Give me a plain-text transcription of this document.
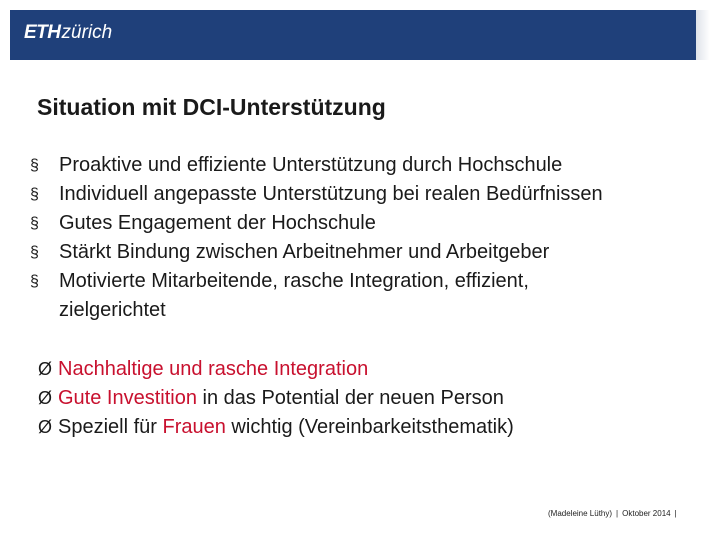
ETHzürich
Situation mit DCI-Unterstützung
§ Proaktive und effiziente Unterstützung durch Hochschule
§ Individuell angepasste Unterstützung bei realen Bedürfnissen
§ Gutes Engagement der Hochschule
§ Stärkt Bindung zwischen Arbeitnehmer und Arbeitgeber
§ Motivierte Mitarbeitende, rasche Integration, effizient,
zielgerichtet
Ø Nachhaltige und rasche Integration
Ø Gute Investition in das Potential der neuen Person
Ø Speziell für Frauen wichtig (Vereinbarkeitsthematik)
(Madeleine Lüthy) | Oktober 2014 |
